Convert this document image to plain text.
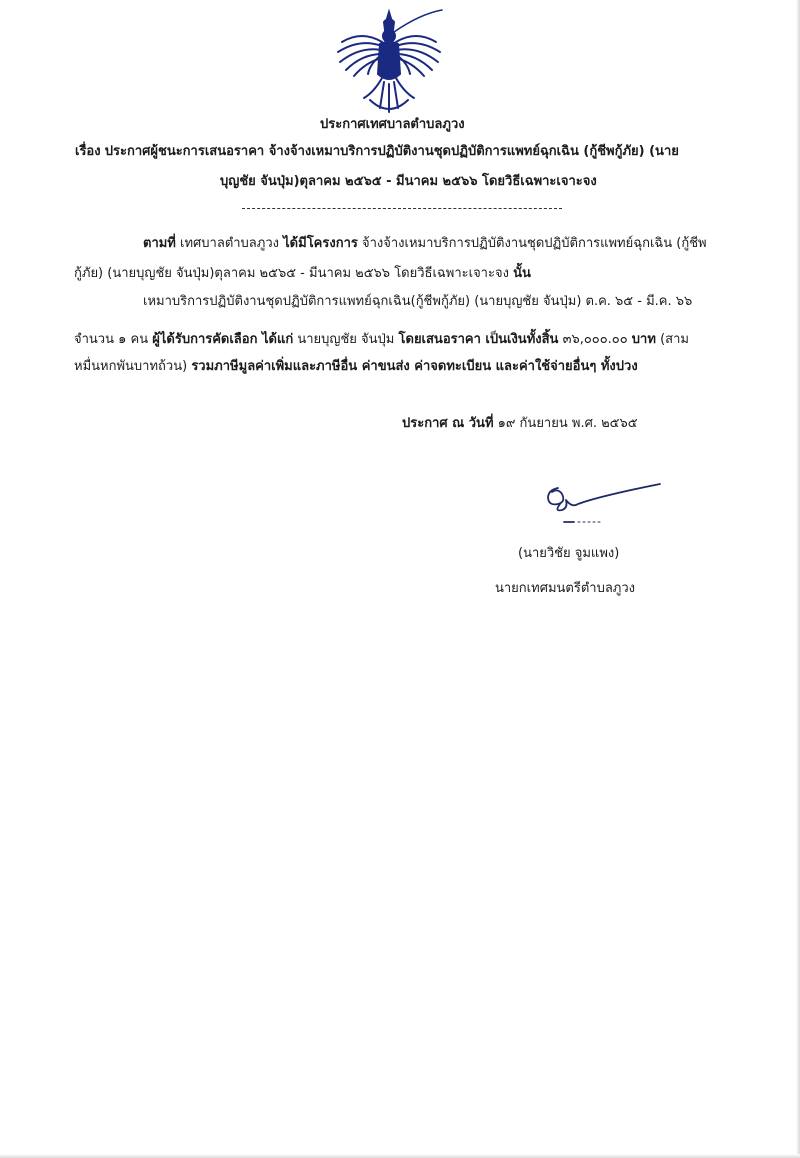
ประกาศเทศบาลตำบลภูวง
เรื่อง ประกาศผู้ชนะการเสนอราคา จ้างจ้างเหมาบริการปฏิบัติงานชุดปฏิบัติการแพทย์ฉุกเฉิน (กู้ชีพกู้ภัย) (นาย
บุญชัย จันปุ่ม)ตุลาคม ๒๕๖๕ - มีนาคม ๒๕๖๖ โดยวิธีเฉพาะเจาะจง
ตามที่ เทศบาลตำบลภูวง ได้มีโครงการ จ้างจ้างเหมาบริการปฏิบัติงานชุดปฏิบัติการแพทย์ฉุกเฉิน (กู้ชีพ
กู้ภัย) (นายบุญชัย จันปุ่ม)ตุลาคม ๒๕๖๕ - มีนาคม ๒๕๖๖ โดยวิธีเฉพาะเจาะจง นั้น
เหมาบริการปฏิบัติงานชุดปฏิบัติการแพทย์ฉุกเฉิน(กู้ชีพกู้ภัย) (นายบุญชัย จันปุ่ม) ต.ค. ๖๕ - มี.ค. ๖๖
จำนวน ๑ คน ผู้ได้รับการคัดเลือก ได้แก่ นายบุญชัย จันปุ่ม โดยเสนอราคา เป็นเงินทั้งสิ้น ๓๖,๐๐๐.๐๐ บาท (สาม
หมื่นหกพันบาทถ้วน) รวมภาษีมูลค่าเพิ่มและภาษีอื่น ค่าขนส่ง ค่าจดทะเบียน และค่าใช้จ่ายอื่นๆ ทั้งปวง
ประกาศ ณ วันที่ ๑๙ กันยายน พ.ศ. ๒๕๖๕
(นายวิชัย จูมแพง)
นายกเทศมนตรีตำบลภูวง
